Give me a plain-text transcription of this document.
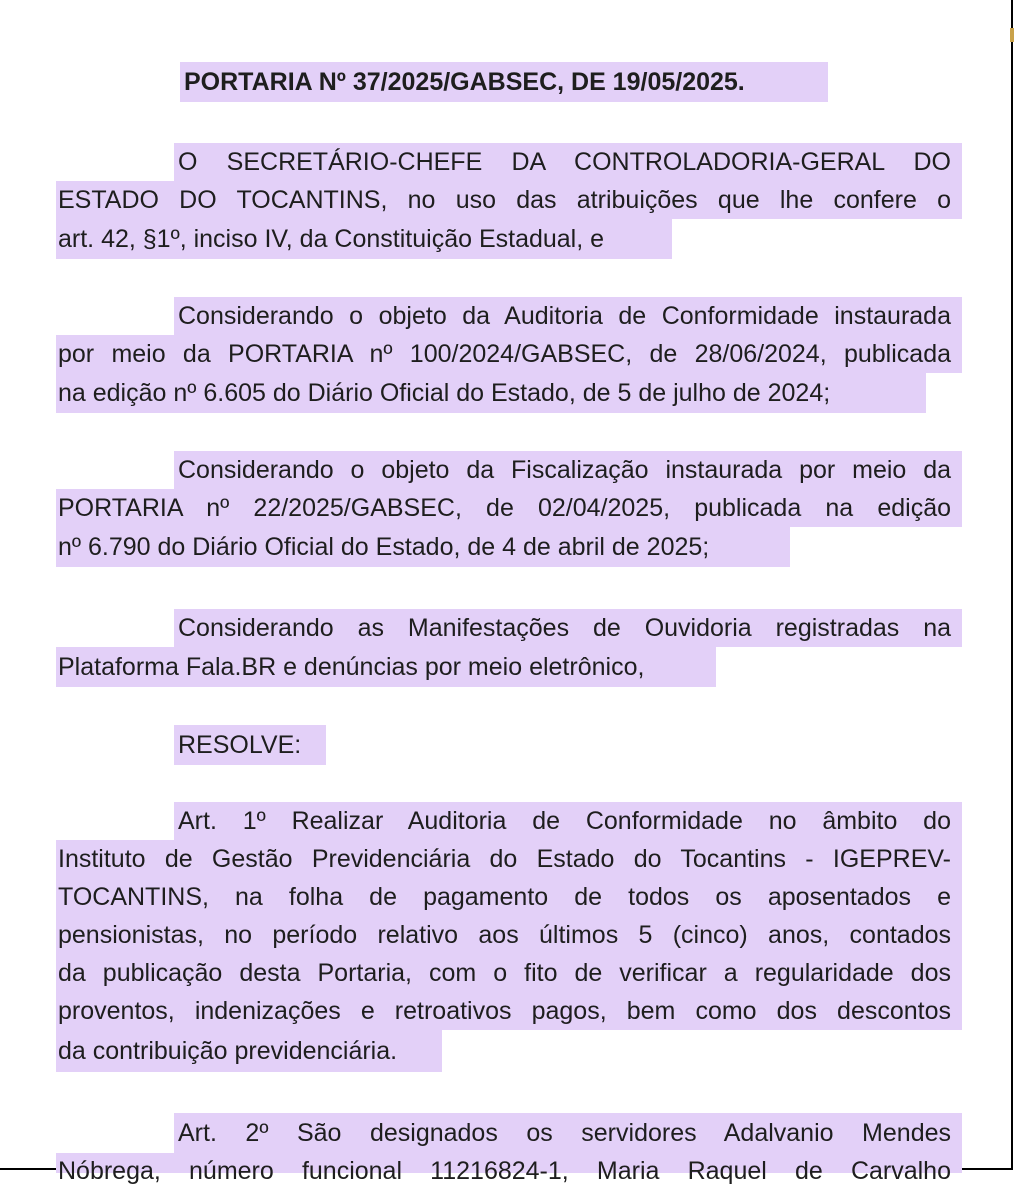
PORTARIA Nº 37/2025/GABSEC, DE 19/05/2025.
O SECRETÁRIO-CHEFE DA CONTROLADORIA-GERAL DO
ESTADO DO TOCANTINS, no uso das atribuições que lhe confere o
art. 42, §1º, inciso IV, da Constituição Estadual, e
Considerando o objeto da Auditoria de Conformidade instaurada
por meio da PORTARIA nº 100/2024/GABSEC, de 28/06/2024, publicada
na edição nº 6.605 do Diário Oficial do Estado, de 5 de julho de 2024;
Considerando o objeto da Fiscalização instaurada por meio da
PORTARIA nº 22/2025/GABSEC, de 02/04/2025, publicada na edição
nº 6.790 do Diário Oficial do Estado, de 4 de abril de 2025;
Considerando as Manifestações de Ouvidoria registradas na
Plataforma Fala.BR e denúncias por meio eletrônico,
RESOLVE:
Art. 1º Realizar Auditoria de Conformidade no âmbito do
Instituto de Gestão Previdenciária do Estado do Tocantins - IGEPREV-
TOCANTINS, na folha de pagamento de todos os aposentados e
pensionistas, no período relativo aos últimos 5 (cinco) anos, contados
da publicação desta Portaria, com o fito de verificar a regularidade dos
proventos, indenizações e retroativos pagos, bem como dos descontos
da contribuição previdenciária.
Art. 2º São designados os servidores Adalvanio Mendes
Nóbrega, número funcional 11216824-1, Maria Raquel de Carvalho
